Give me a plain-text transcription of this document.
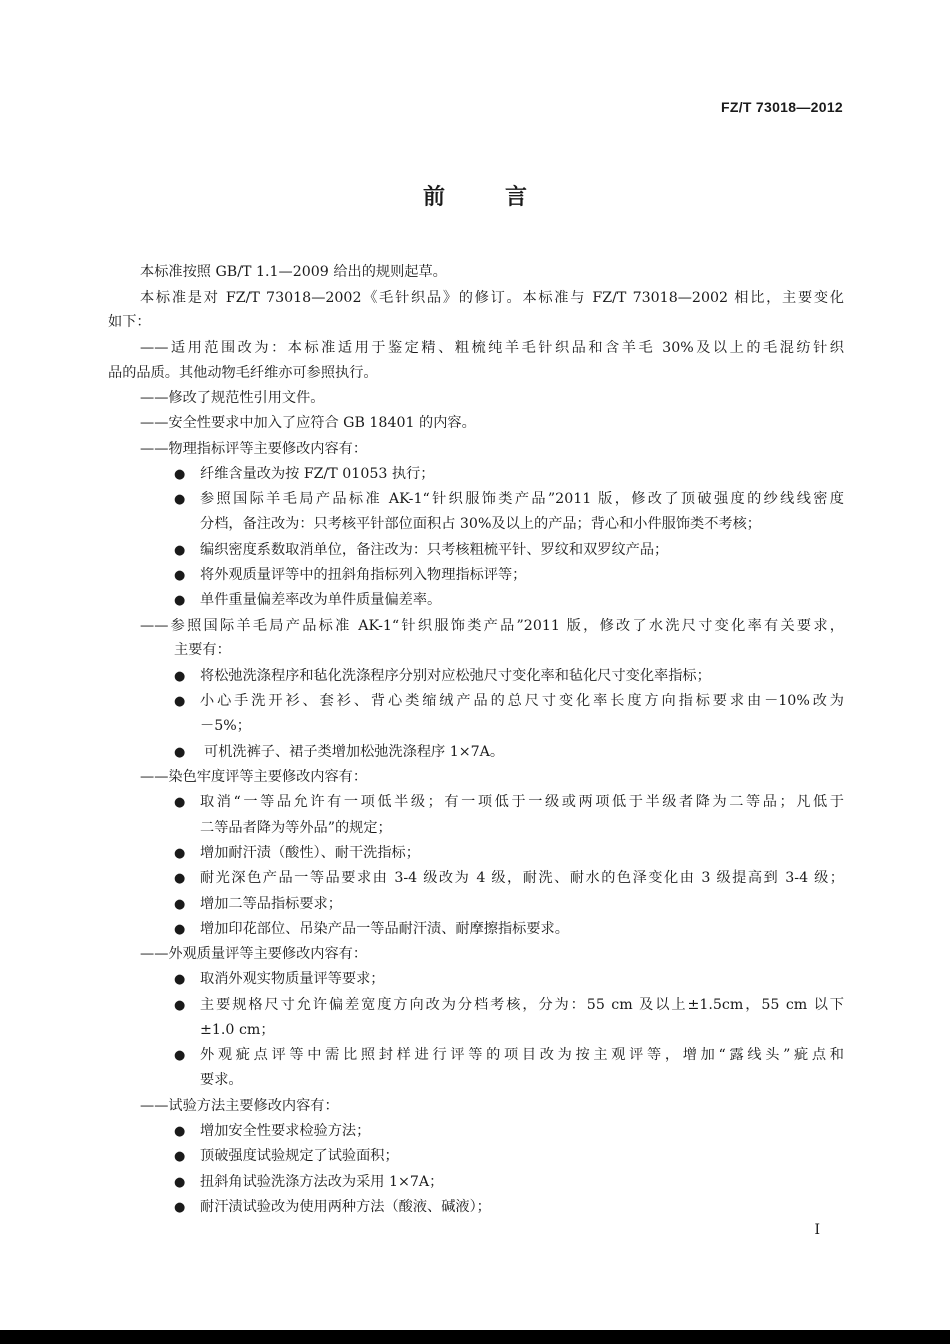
FZ/T 73018—2012
前言
本标准按照 GB/T 1.1—2009 给出的规则起草。
本标准是对 FZ/T 73018—2002《毛针织品》的修订。本标准与 FZ/T 73018—2002 相比，主要变化
如下：
——适用范围改为：本标准适用于鉴定精、粗梳纯羊毛针织品和含羊毛 30%及以上的毛混纺针织
品的品质。其他动物毛纤维亦可参照执行。
——修改了规范性引用文件。
——安全性要求中加入了应符合 GB 18401 的内容。
——物理指标评等主要修改内容有：
● 纤维含量改为按 FZ/T 01053 执行；
● 参照国际羊毛局产品标准 AK-1“针织服饰类产品”2011 版，修改了顶破强度的纱线线密度
分档，备注改为：只考核平针部位面积占 30%及以上的产品；背心和小件服饰类不考核；
● 编织密度系数取消单位，备注改为：只考核粗梳平针、罗纹和双罗纹产品；
● 将外观质量评等中的扭斜角指标列入物理指标评等；
● 单件重量偏差率改为单件质量偏差率。
——参照国际羊毛局产品标准 AK-1“针织服饰类产品”2011 版，修改了水洗尺寸变化率有关要求，
主要有：
● 将松弛洗涤程序和毡化洗涤程序分别对应松弛尺寸变化率和毡化尺寸变化率指标；
● 小心手洗开衫、套衫、背心类缩绒产品的总尺寸变化率长度方向指标要求由－10%改为
－5%；
● 可机洗裤子、裙子类增加松弛洗涤程序 1×7A。
——染色牢度评等主要修改内容有：
● 取消“一等品允许有一项低半级；有一项低于一级或两项低于半级者降为二等品；凡低于
二等品者降为等外品”的规定；
● 增加耐汗渍（酸性）、耐干洗指标；
● 耐光深色产品一等品要求由 3-4 级改为 4 级，耐洗、耐水的色泽变化由 3 级提高到 3-4 级；
● 增加二等品指标要求；
● 增加印花部位、吊染产品一等品耐汗渍、耐摩擦指标要求。
——外观质量评等主要修改内容有：
● 取消外观实物质量评等要求；
● 主要规格尺寸允许偏差宽度方向改为分档考核，分为：55 cm 及以上±1.5cm，55 cm 以下
±1.0 cm；
● 外观疵点评等中需比照封样进行评等的项目改为按主观评等，增加“露线头”疵点和
要求。
——试验方法主要修改内容有：
● 增加安全性要求检验方法；
● 顶破强度试验规定了试验面积；
● 扭斜角试验洗涤方法改为采用 1×7A；
● 耐汗渍试验改为使用两种方法（酸液、碱液）；
I
